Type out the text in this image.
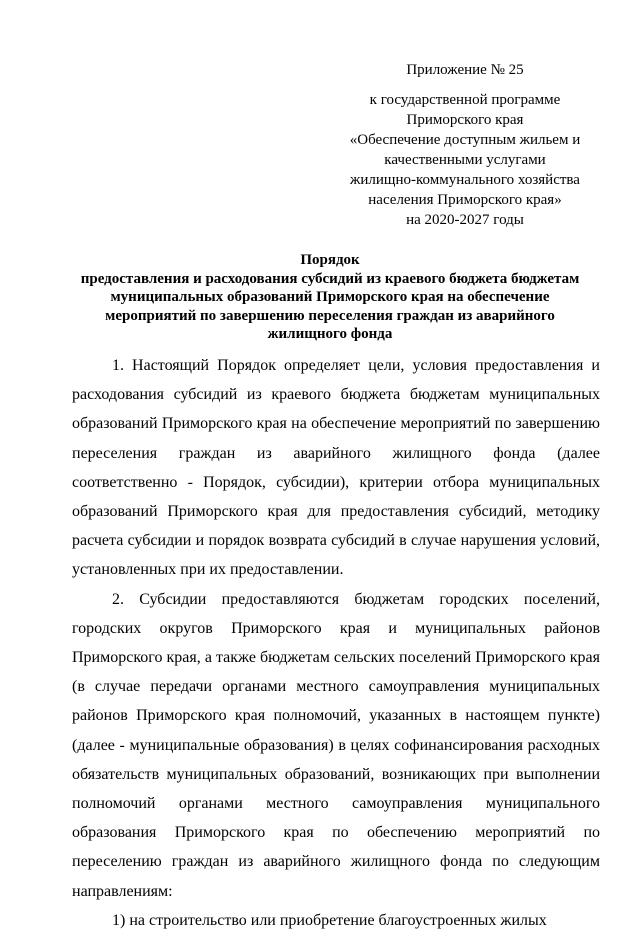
Приложение № 25
к государственной программе
Приморского края
«Обеспечение доступным жильем и
качественными услугами
жилищно-коммунального хозяйства
населения Приморского края»
на 2020-2027 годы
Порядок
предоставления и расходования субсидий из краевого бюджета бюджетам
муниципальных образований Приморского края на обеспечение
мероприятий по завершению переселения граждан из аварийного
жилищного фонда

1. Настоящий Порядок определяет цели, условия предоставления и расходования субсидий из краевого бюджета бюджетам муниципальных образований Приморского края на обеспечение мероприятий по завершению переселения граждан из аварийного жилищного фонда (далее соответственно - Порядок, субсидии), критерии отбора муниципальных образований Приморского края для предоставления субсидий, методику расчета субсидии и порядок возврата субсидий в случае нарушения условий, установленных при их предоставлении.

2. Субсидии предоставляются бюджетам городских поселений, городских округов Приморского края и муниципальных районов Приморского края, а также бюджетам сельских поселений Приморского края (в случае передачи органами местного самоуправления муниципальных районов Приморского края полномочий, указанных в настоящем пункте) (далее - муниципальные образования) в целях софинансирования расходных обязательств муниципальных образований, возникающих при выполнении полномочий органами местного самоуправления муниципального образования Приморского края по обеспечению мероприятий по переселению граждан из аварийного жилищного фонда по следующим направлениям:

1) на строительство или приобретение благоустроенных жилых
